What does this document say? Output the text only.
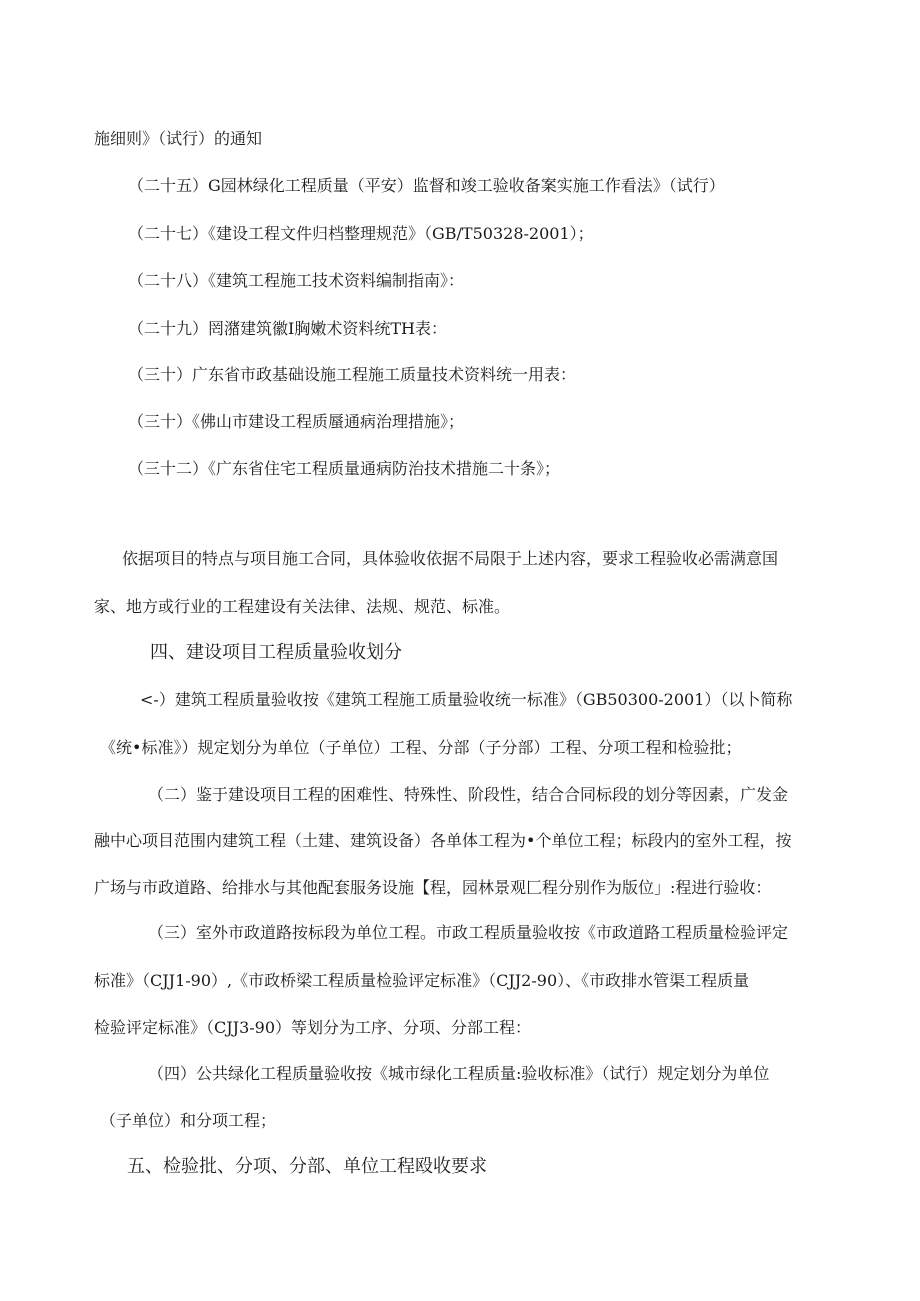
施细则》（试行）的通知
（二十五）G园林绿化工程质量（平安）监督和竣工验收备案实施工作看法》（试行）
（二十七）《建设工程文件归档整理规范》（GB/T50328-2001）；
（二十八）《建筑工程施工技术资料编制指南》：
（二十九）罔潴建筑徽I胸嫩术资料统TH表：
（三十）广东省市政基础设施工程施工质量技术资料统一用表：
（三十）《佛山市建设工程质蜃通病治理措施》；
（三十二）《广东省住宅工程质量通病防治技术措施二十条》；
依据项目的特点与项目施工合同，具体验收依据不局限于上述内容，要求工程验收必需满意国
家、地方或行业的工程建设有关法律、法规、规范、标准。
四、建设项目工程质量验收划分
<-）建筑工程质量验收按《建筑工程施工质量验收统一标准》（GB50300-2001）（以卜简称
《统•标准》）规定划分为单位（子单位）工程、分部（子分部）工程、分项工程和检验批；
（二）鉴于建设项目工程的困难性、特殊性、阶段性，结合合同标段的划分等因素，广发金
融中心项目范围内建筑工程（土建、建筑设备）各单体工程为•个单位工程；标段内的室外工程，按
广场与市政道路、给排水与其他配套服务设施【程，园林景观匚程分别作为版位」:程进行验收：
（三）室外市政道路按标段为单位工程。市政工程质量验收按《市政道路工程质量检验评定
标准》（CJJ1-90）,《市政桥梁工程质量检验评定标准》（CJJ2-90）、《市政排水管渠工程质量
检验评定标准》（CJJ3-90）等划分为工序、分项、分部工程：
（四）公共绿化工程质量验收按《城市绿化工程质量:验收标准》（试行）规定划分为单位
（子单位）和分项工程；
五、检验批、分项、分部、单位工程殴收要求
